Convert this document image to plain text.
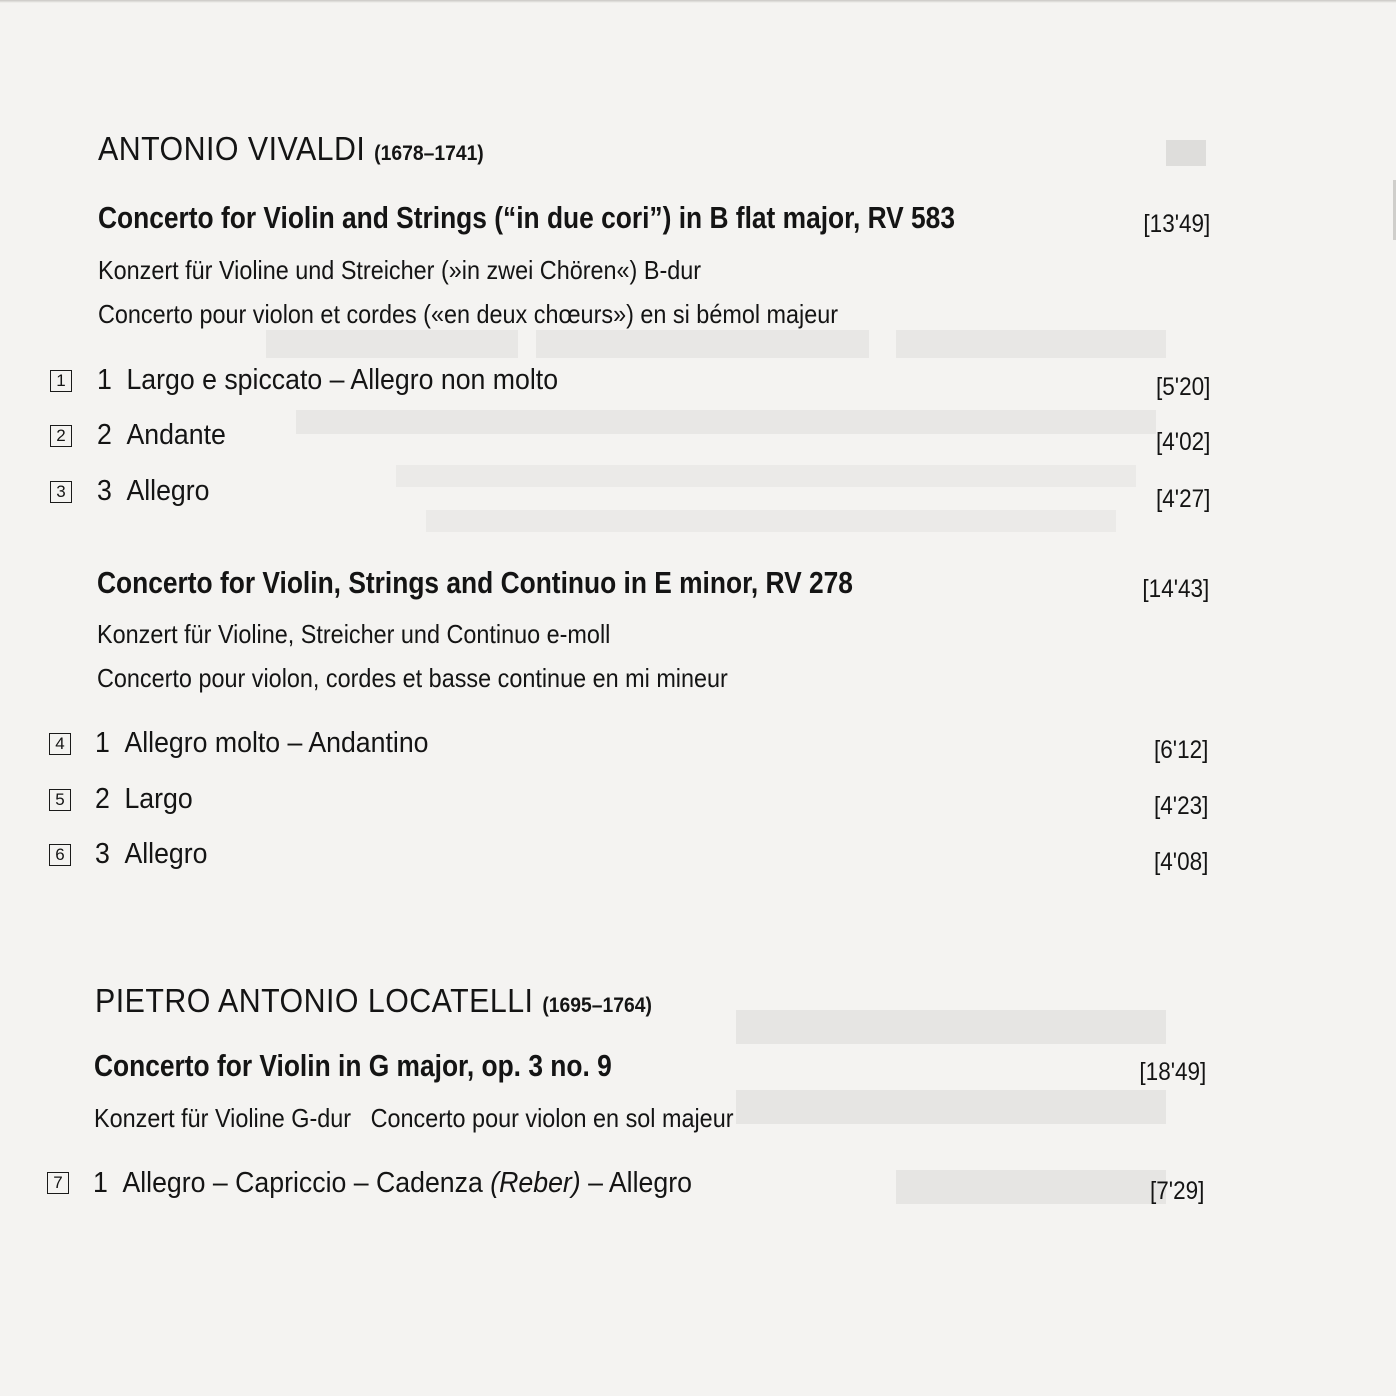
ANTONIO VIVALDI (1678–1741)
Concerto for Violin and Strings (“in due cori”) in B flat major, RV 583	[13'49]
Konzert für Violine und Streicher (»in zwei Chören«) B-dur
Concerto pour violon et cordes («en deux chœurs») en si bémol majeur
1 1 Largo e spiccato – Allegro non molto	[5'20]
2 2 Andante	[4'02]
3 3 Allegro	[4'27]
Concerto for Violin, Strings and Continuo in E minor, RV 278	[14'43]
Konzert für Violine, Streicher und Continuo e-moll
Concerto pour violon, cordes et basse continue en mi mineur
4 1 Allegro molto – Andantino	[6'12]
5 2 Largo	[4'23]
6 3 Allegro	[4'08]
PIETRO ANTONIO LOCATELLI (1695–1764)
Concerto for Violin in G major, op. 3 no. 9	[18'49]
Konzert für Violine G-dur Concerto pour violon en sol majeur
7 1 Allegro – Capriccio – Cadenza (Reber) – Allegro	[7'29]
